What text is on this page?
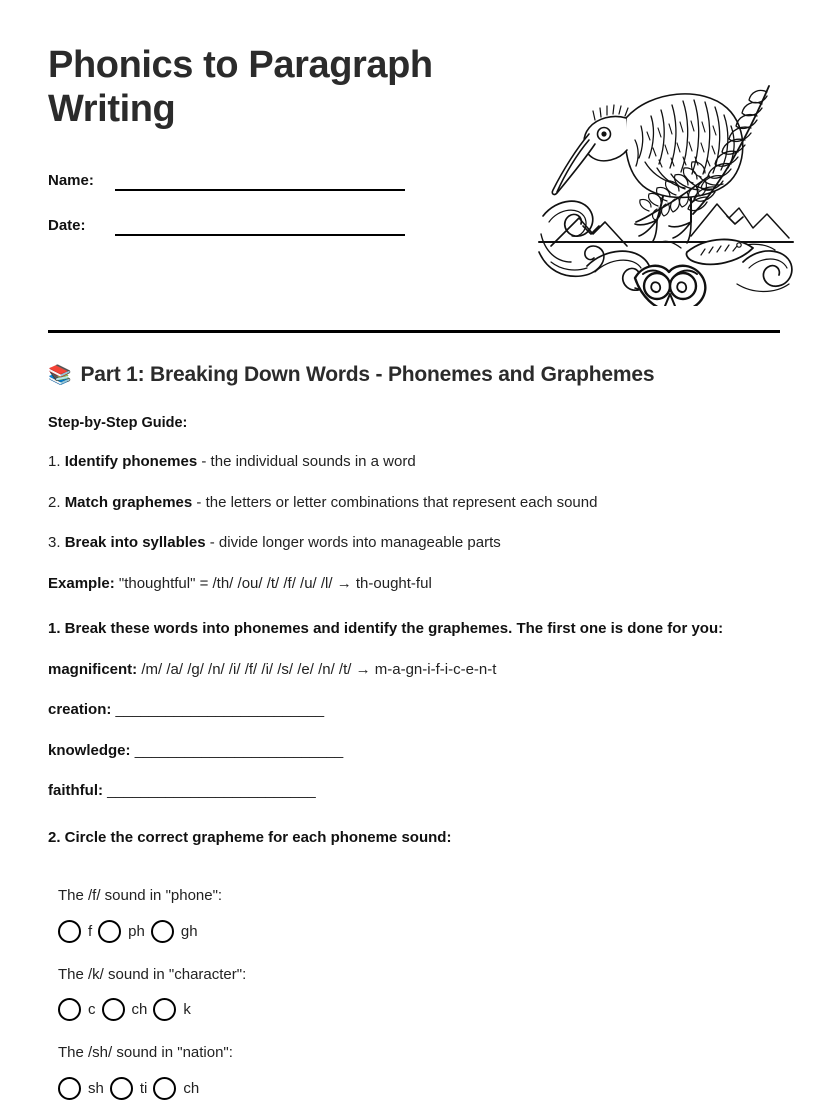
Phonics to Paragraph Writing
Name:
Date:
📚 Part 1: Breaking Down Words - Phonemes and Graphemes
Step-by-Step Guide:
1. Identify phonemes - the individual sounds in a word
2. Match graphemes - the letters or letter combinations that represent each sound
3. Break into syllables - divide longer words into manageable parts
Example: "thoughtful" = /th/ /ou/ /t/ /f/ /u/ /l/ → th-ought-ful
1. Break these words into phonemes and identify the graphemes. The first one is done for you:
magnificent: /m/ /a/ /g/ /n/ /i/ /f/ /i/ /s/ /e/ /n/ /t/ → m-a-gn-i-f-i-c-e-n-t
creation: _________________________
knowledge: _________________________
faithful: _________________________
2. Circle the correct grapheme for each phoneme sound:
The /f/ sound in "phone":
f ph gh
The /k/ sound in "character":
c ch k
The /sh/ sound in "nation":
sh ti ch
